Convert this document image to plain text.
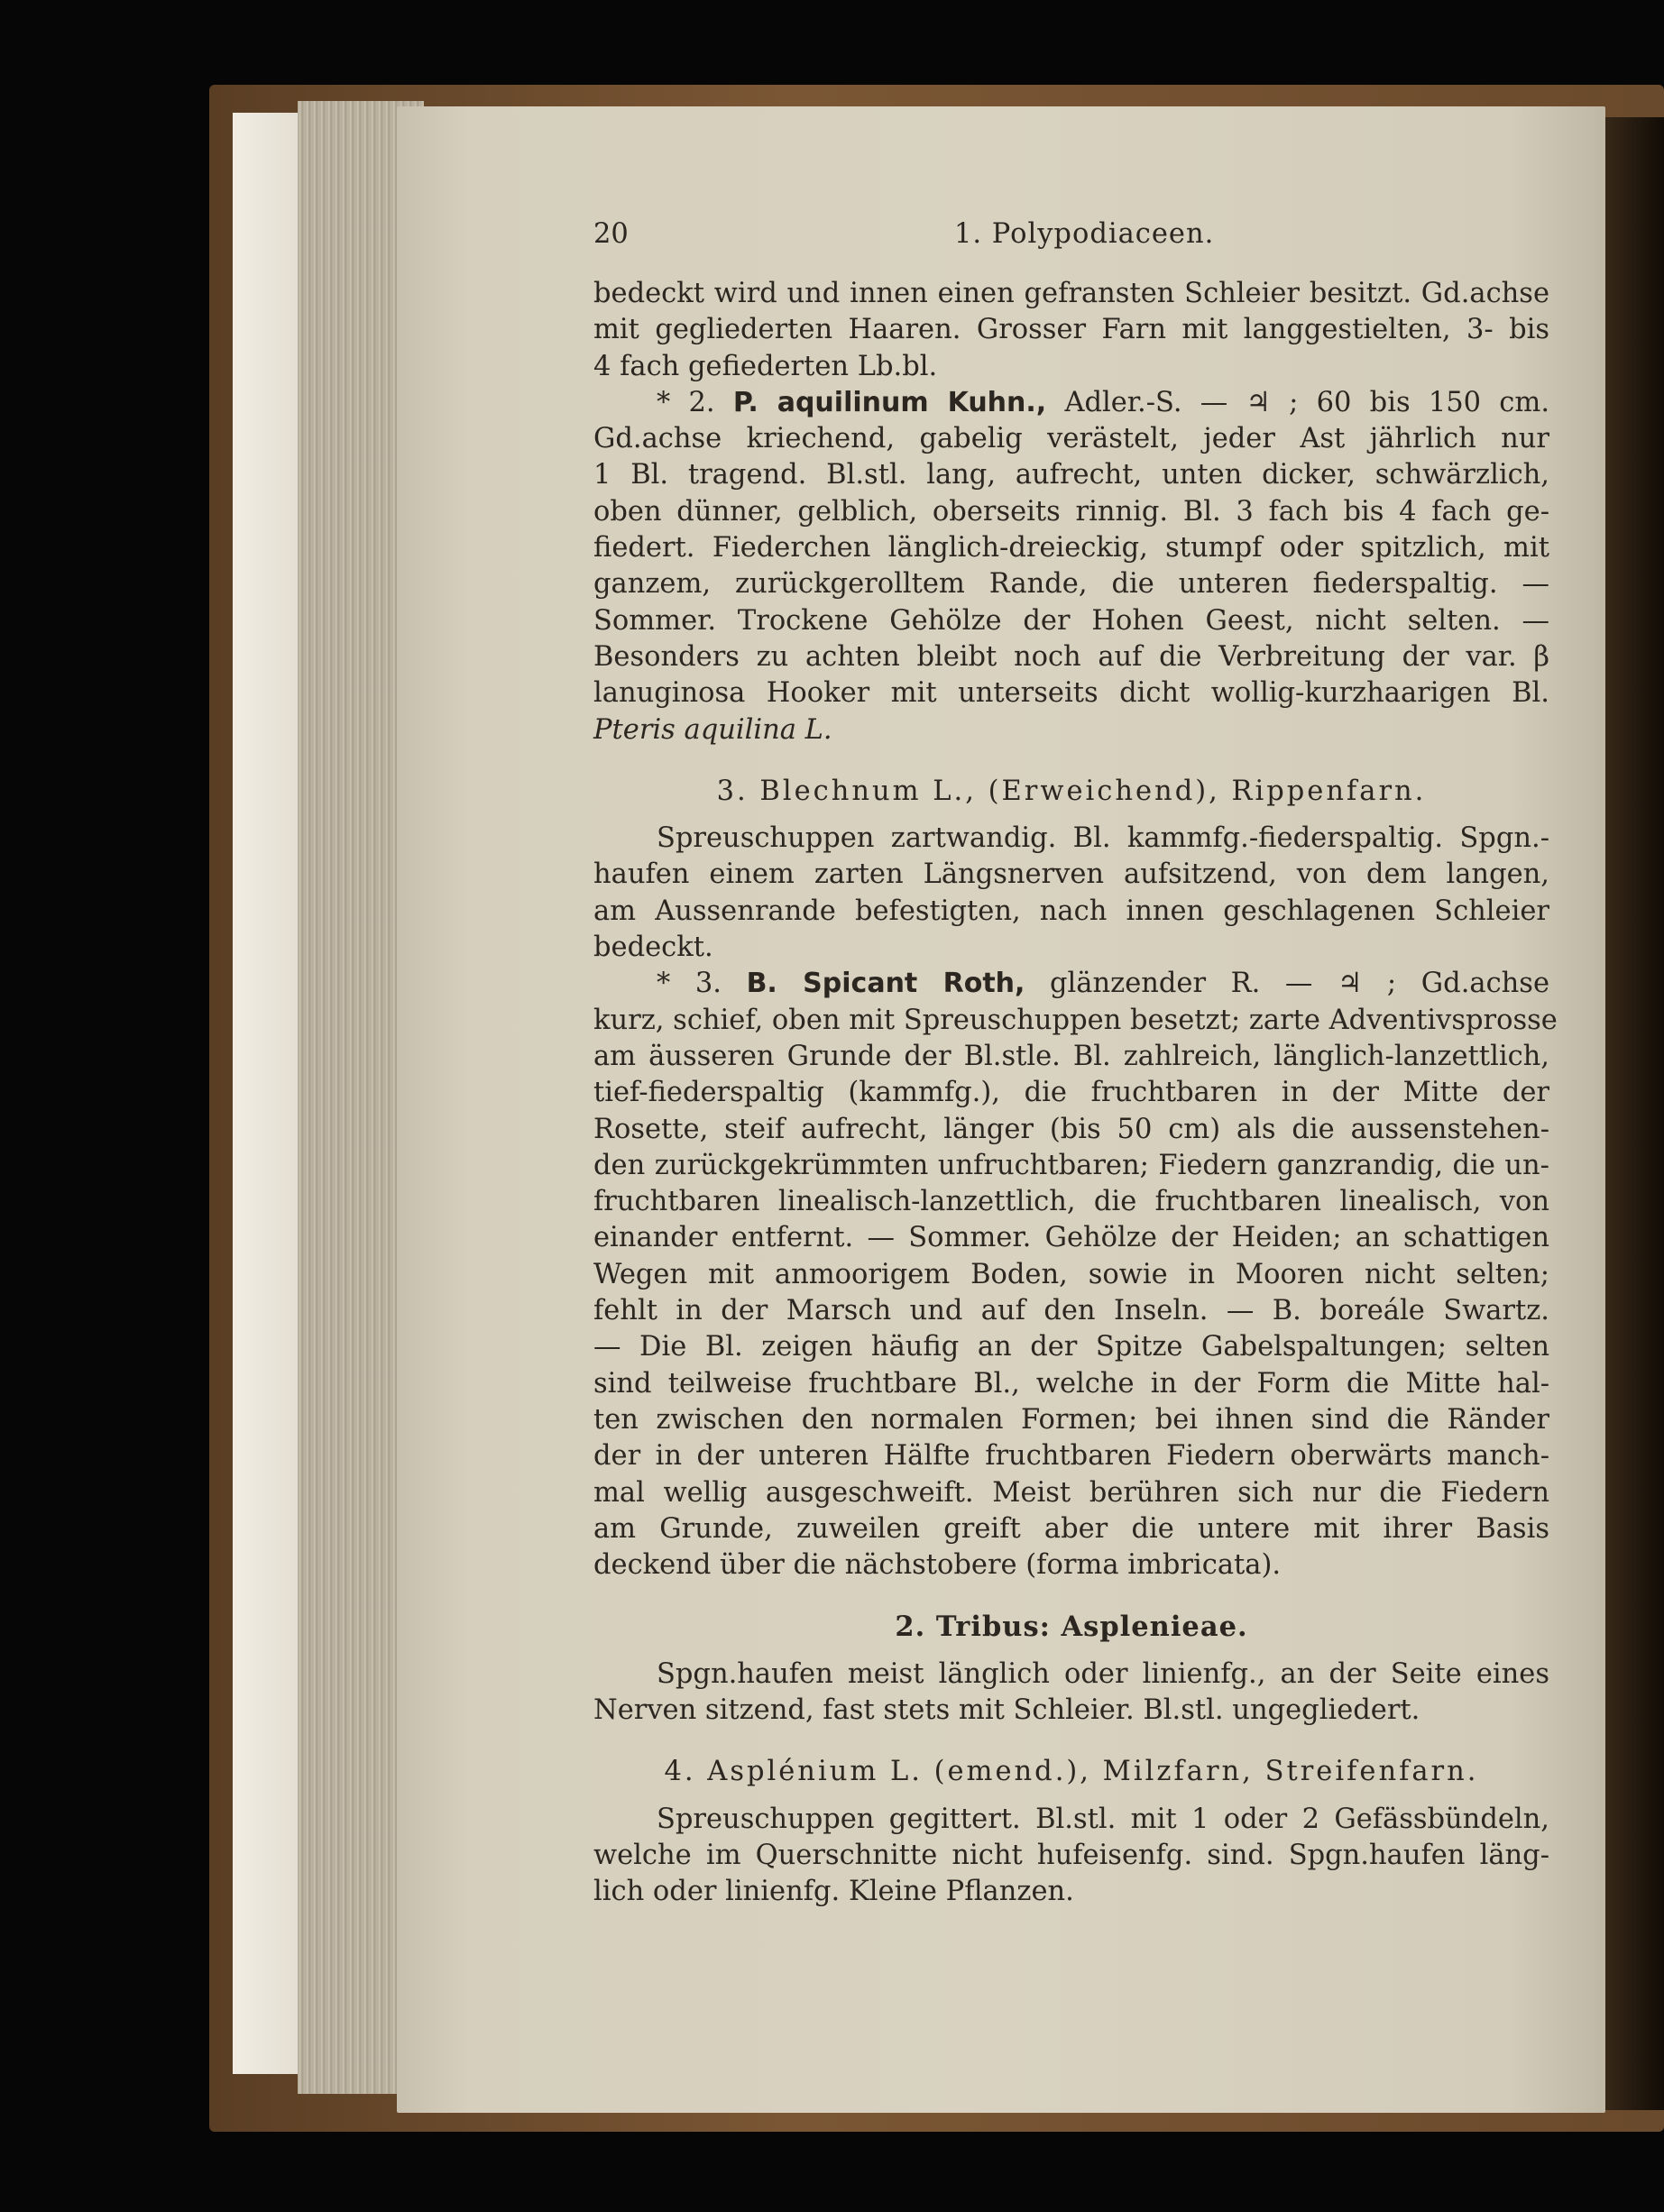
20	1. Polypodiaceen.
bedeckt wird und innen einen gefransten Schleier besitzt. Gd.achse
mit gegliederten Haaren. Grosser Farn mit langgestielten, 3- bis
4 fach gefiederten Lb.bl.
* 2. P. aquilinum Kuhn., Adler.-S. — ♃ ; 60 bis 150 cm.
Gd.achse kriechend, gabelig verästelt, jeder Ast jährlich nur
1 Bl. tragend. Bl.stl. lang, aufrecht, unten dicker, schwärzlich,
oben dünner, gelblich, oberseits rinnig. Bl. 3 fach bis 4 fach ge-
fiedert. Fiederchen länglich-dreieckig, stumpf oder spitzlich, mit
ganzem, zurückgerolltem Rande, die unteren fiederspaltig. —
Sommer. Trockene Gehölze der Hohen Geest, nicht selten. —
Besonders zu achten bleibt noch auf die Verbreitung der var. β
lanuginosa Hooker mit unterseits dicht wollig-kurzhaarigen Bl.
Pteris aquilina L.

3. Blechnum L., (Erweichend), Rippenfarn.

Spreuschuppen zartwandig. Bl. kammfg.-fiederspaltig. Spgn.-
haufen einem zarten Längsnerven aufsitzend, von dem langen,
am Aussenrande befestigten, nach innen geschlagenen Schleier
bedeckt.
* 3. B. Spicant Roth, glänzender R. — ♃ ; Gd.achse
kurz, schief, oben mit Spreuschuppen besetzt; zarte Adventivsprosse
am äusseren Grunde der Bl.stle. Bl. zahlreich, länglich-lanzettlich,
tief-fiederspaltig (kammfg.), die fruchtbaren in der Mitte der
Rosette, steif aufrecht, länger (bis 50 cm) als die aussenstehen-
den zurückgekrümmten unfruchtbaren; Fiedern ganzrandig, die un-
fruchtbaren linealisch-lanzettlich, die fruchtbaren linealisch, von
einander entfernt. — Sommer. Gehölze der Heiden; an schattigen
Wegen mit anmoorigem Boden, sowie in Mooren nicht selten;
fehlt in der Marsch und auf den Inseln. — B. boreále Swartz.
— Die Bl. zeigen häufig an der Spitze Gabelspaltungen; selten
sind teilweise fruchtbare Bl., welche in der Form die Mitte hal-
ten zwischen den normalen Formen; bei ihnen sind die Ränder
der in der unteren Hälfte fruchtbaren Fiedern oberwärts manch-
mal wellig ausgeschweift. Meist berühren sich nur die Fiedern
am Grunde, zuweilen greift aber die untere mit ihrer Basis
deckend über die nächstobere (forma imbricata).

2. Tribus: Asplenieae.

Spgn.haufen meist länglich oder linienfg., an der Seite eines
Nerven sitzend, fast stets mit Schleier. Bl.stl. ungegliedert.

4. Asplénium L. (emend.), Milzfarn, Streifenfarn.

Spreuschuppen gegittert. Bl.stl. mit 1 oder 2 Gefässbündeln,
welche im Querschnitte nicht hufeisenfg. sind. Spgn.haufen läng-
lich oder linienfg. Kleine Pflanzen.
